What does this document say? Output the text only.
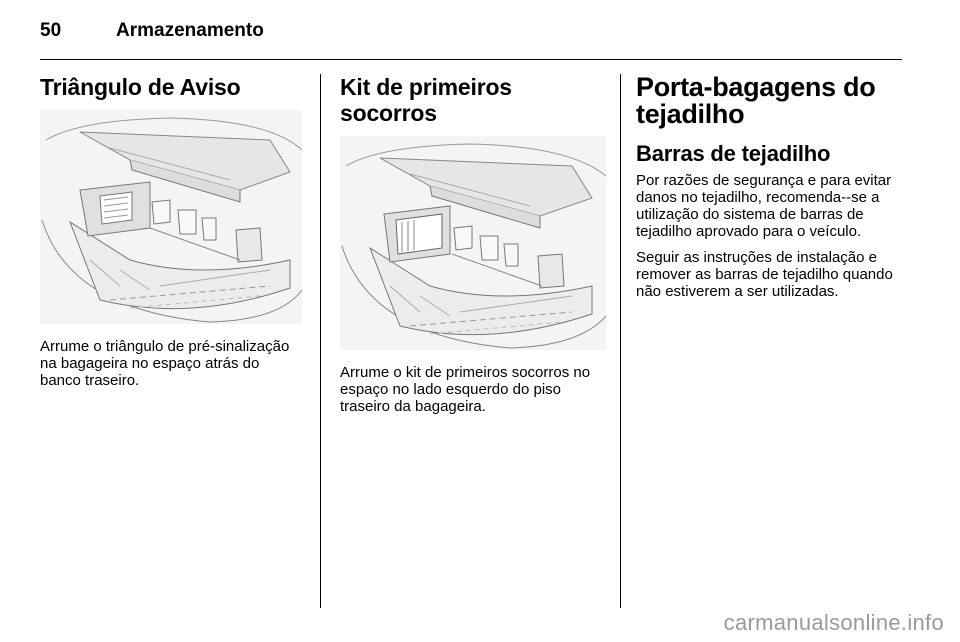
50	Armazenamento
Triângulo de Aviso

Arrume o triângulo de pré-sinalização na bagageira no espaço atrás do banco traseiro.

Kit de primeiros socorros

Arrume o kit de primeiros socorros no espaço no lado esquerdo do piso traseiro da bagageira.

Porta-bagagens do tejadilho
Barras de tejadilho

Por razões de segurança e para evitar danos no tejadilho, recomenda--se a utilização do sistema de barras de tejadilho aprovado para o veículo.

Seguir as instruções de instalação e remover as barras de tejadilho quando não estiverem a ser utilizadas.

carmanualsonline.info
